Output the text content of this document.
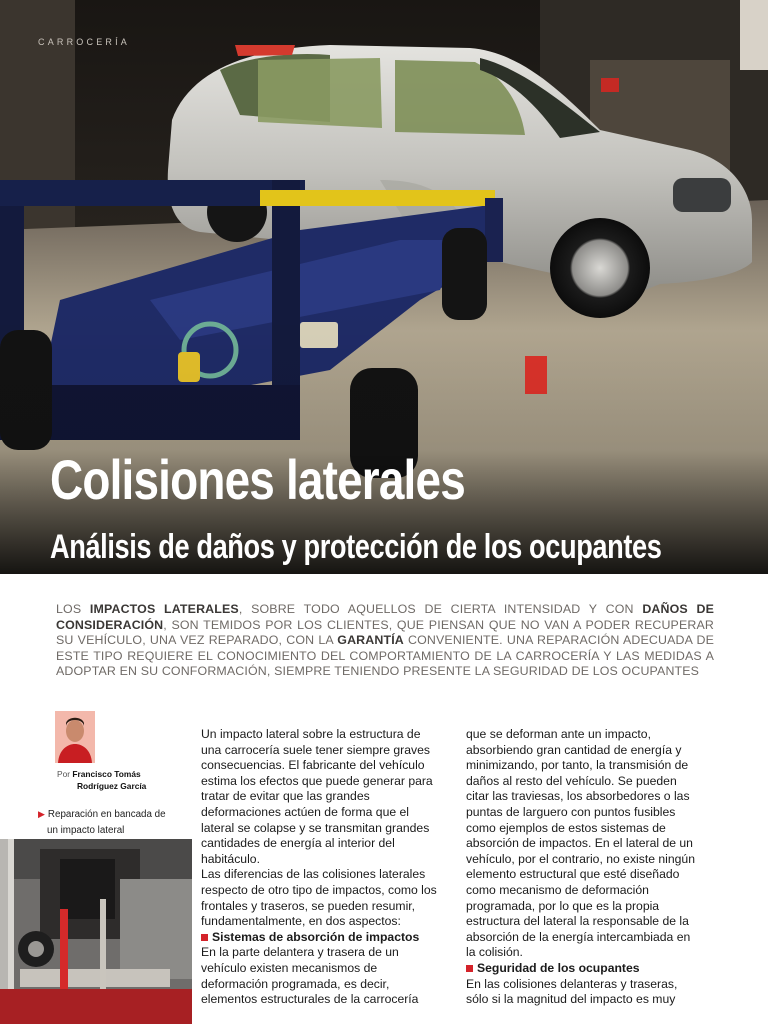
CARROCERÍA
Colisiones laterales
Análisis de daños y protección de los ocupantes
LOS IMPACTOS LATERALES, SOBRE TODO AQUELLOS DE CIERTA INTENSIDAD Y CON DAÑOS DE CONSIDERACIÓN, SON TEMIDOS POR LOS CLIENTES, QUE PIENSAN QUE NO VAN A PODER RECUPERAR SU VEHÍCULO, UNA VEZ REPARADO, CON LA GARANTÍA CONVENIENTE. UNA REPARACIÓN ADECUADA DE ESTE TIPO REQUIERE EL CONOCIMIENTO DEL COMPORTAMIENTO DE LA CARROCERÍA Y LAS MEDIDAS A ADOPTAR EN SU CONFORMACIÓN, SIEMPRE TENIENDO PRESENTE LA SEGURIDAD DE LOS OCUPANTES
Por Francisco Tomás
Rodríguez García
▶ Reparación en bancada de
un impacto lateral
Un impacto lateral sobre la estructura de
una carrocería suele tener siempre graves
consecuencias. El fabricante del vehículo
estima los efectos que puede generar para
tratar de evitar que las grandes
deformaciones actúen de forma que el
lateral se colapse y se transmitan grandes
cantidades de energía al interior del
habitáculo.
Las diferencias de las colisiones laterales
respecto de otro tipo de impactos, como los
frontales y traseros, se pueden resumir,
fundamentalmente, en dos aspectos:
Sistemas de absorción de impactos
En la parte delantera y trasera de un
vehículo existen mecanismos de
deformación programada, es decir,
elementos estructurales de la carrocería
que se deforman ante un impacto,
absorbiendo gran cantidad de energía y
minimizando, por tanto, la transmisión de
daños al resto del vehículo. Se pueden
citar las traviesas, los absorbedores o las
puntas de larguero con puntos fusibles
como ejemplos de estos sistemas de
absorción de impactos. En el lateral de un
vehículo, por el contrario, no existe ningún
elemento estructural que esté diseñado
como mecanismo de deformación
programada, por lo que es la propia
estructura del lateral la responsable de la
absorción de la energía intercambiada en
la colisión.
Seguridad de los ocupantes
En las colisiones delanteras y traseras,
sólo si la magnitud del impacto es muy
